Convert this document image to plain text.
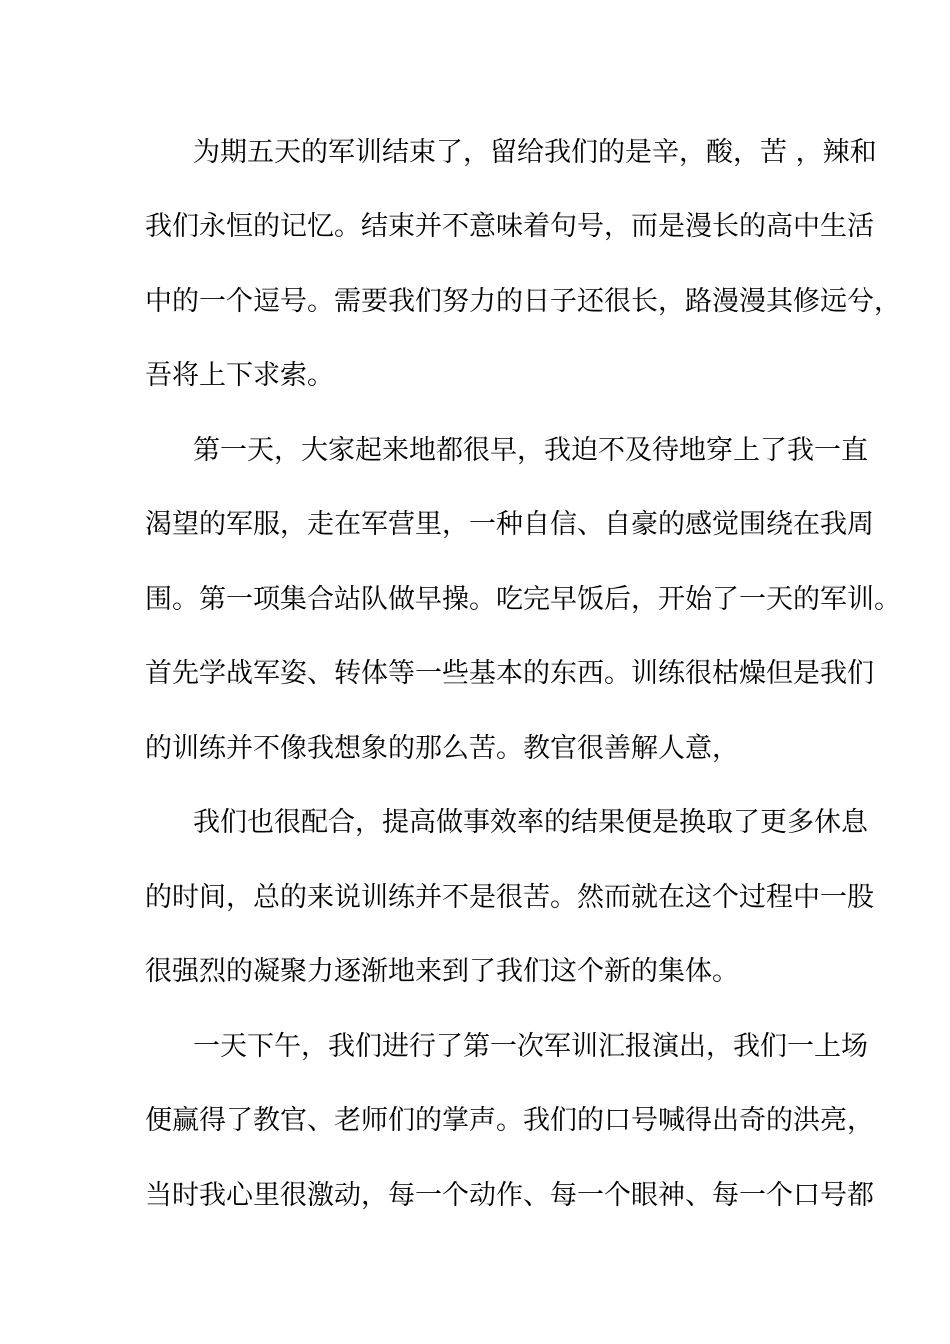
为期五天的军训结束了，留给我们的是辛，酸，苦 ，辣和
我们永恒的记忆。结束并不意味着句号，而是漫长的高中生活
中的一个逗号。需要我们努力的日子还很长，路漫漫其修远兮，
吾将上下求索。
第一天，大家起来地都很早，我迫不及待地穿上了我一直
渴望的军服，走在军营里，一种自信、自豪的感觉围绕在我周
围。第一项集合站队做早操。吃完早饭后，开始了一天的军训。
首先学战军姿、转体等一些基本的东西。训练很枯燥但是我们
的训练并不像我想象的那么苦。教官很善解人意，
我们也很配合，提高做事效率的结果便是换取了更多休息
的时间，总的来说训练并不是很苦。然而就在这个过程中一股
很强烈的凝聚力逐渐地来到了我们这个新的集体。
一天下午，我们进行了第一次军训汇报演出，我们一上场
便赢得了教官、老师们的掌声。我们的口号喊得出奇的洪亮，
当时我心里很激动，每一个动作、每一个眼神、每一个口号都
